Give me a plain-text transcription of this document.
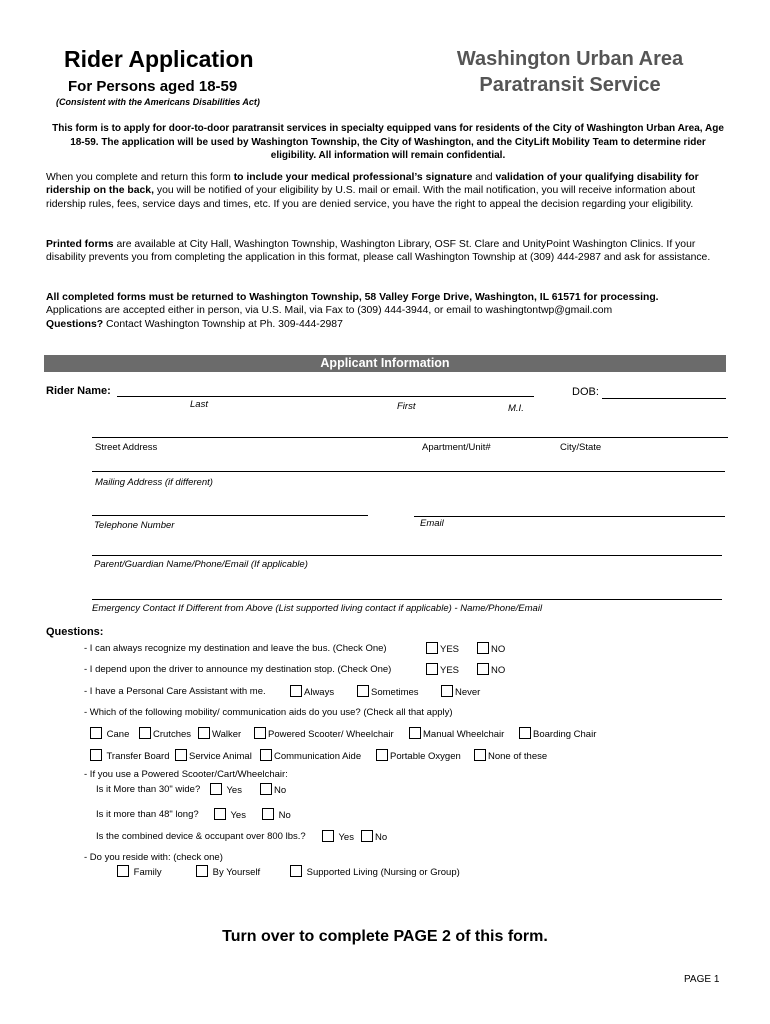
Rider Application
For Persons aged 18-59
(Consistent with the Americans Disabilities Act)
Washington Urban Area
Paratransit Service
This form is to apply for door-to-door paratransit services in specialty equipped vans for residents of the City of Washington Urban Area, Age 18-59. The application will be used by Washington Township, the City of Washington, and the CityLift Mobility Team to determine rider eligibility. All information will remain confidential.
When you complete and return this form to include your medical professional’s signature and validation of your qualifying disability for ridership on the back, you will be notified of your eligibility by U.S. mail or email. With the mail notification, you will receive information about ridership rules, fees, service days and times, etc. If you are denied service, you have the right to appeal the decision regarding your eligibility.
Printed forms are available at City Hall, Washington Township, Washington Library, OSF St. Clare and UnityPoint Washington Clinics. If your disability prevents you from completing the application in this format, please call Washington Township at (309) 444-2987 and ask for assistance.
All completed forms must be returned to Washington Township, 58 Valley Forge Drive, Washington, IL 61571 for processing.
Applications are accepted either in person, via U.S. Mail, via Fax to (309) 444-3944, or email to washingtontwp@gmail.com
Questions? Contact Washington Township at Ph. 309-444-2987
Applicant Information
Rider Name:	DOB:
Last	First	M.I.
Street Address	Apartment/Unit#	City/State
Mailing Address (if different)
Telephone Number	Email
Parent/Guardian Name/Phone/Email (If applicable)
Emergency Contact If Different from Above (List supported living contact if applicable) - Name/Phone/Email
Questions:
- I can always recognize my destination and leave the bus. (Check One)	YES	NO
- I depend upon the driver to announce my destination stop. (Check One)	YES	NO
- I have a Personal Care Assistant with me.	Always	Sometimes	Never
- Which of the following mobility/ communication aids do you use? (Check all that apply)
Cane	Crutches	Walker	Powered Scooter/ Wheelchair	Manual Wheelchair	Boarding Chair
Transfer Board	Service Animal	Communication Aide	Portable Oxygen	None of these
- If you use a Powered Scooter/Cart/Wheelchair:
Is it More than 30" wide?	Yes	No
Is it more than 48" long?	Yes	No
Is the combined device & occupant over 800 lbs.?	Yes	No
- Do you reside with: (check one)
Family	By Yourself	Supported Living (Nursing or Group)
Turn over to complete PAGE 2 of this form.
PAGE 1
